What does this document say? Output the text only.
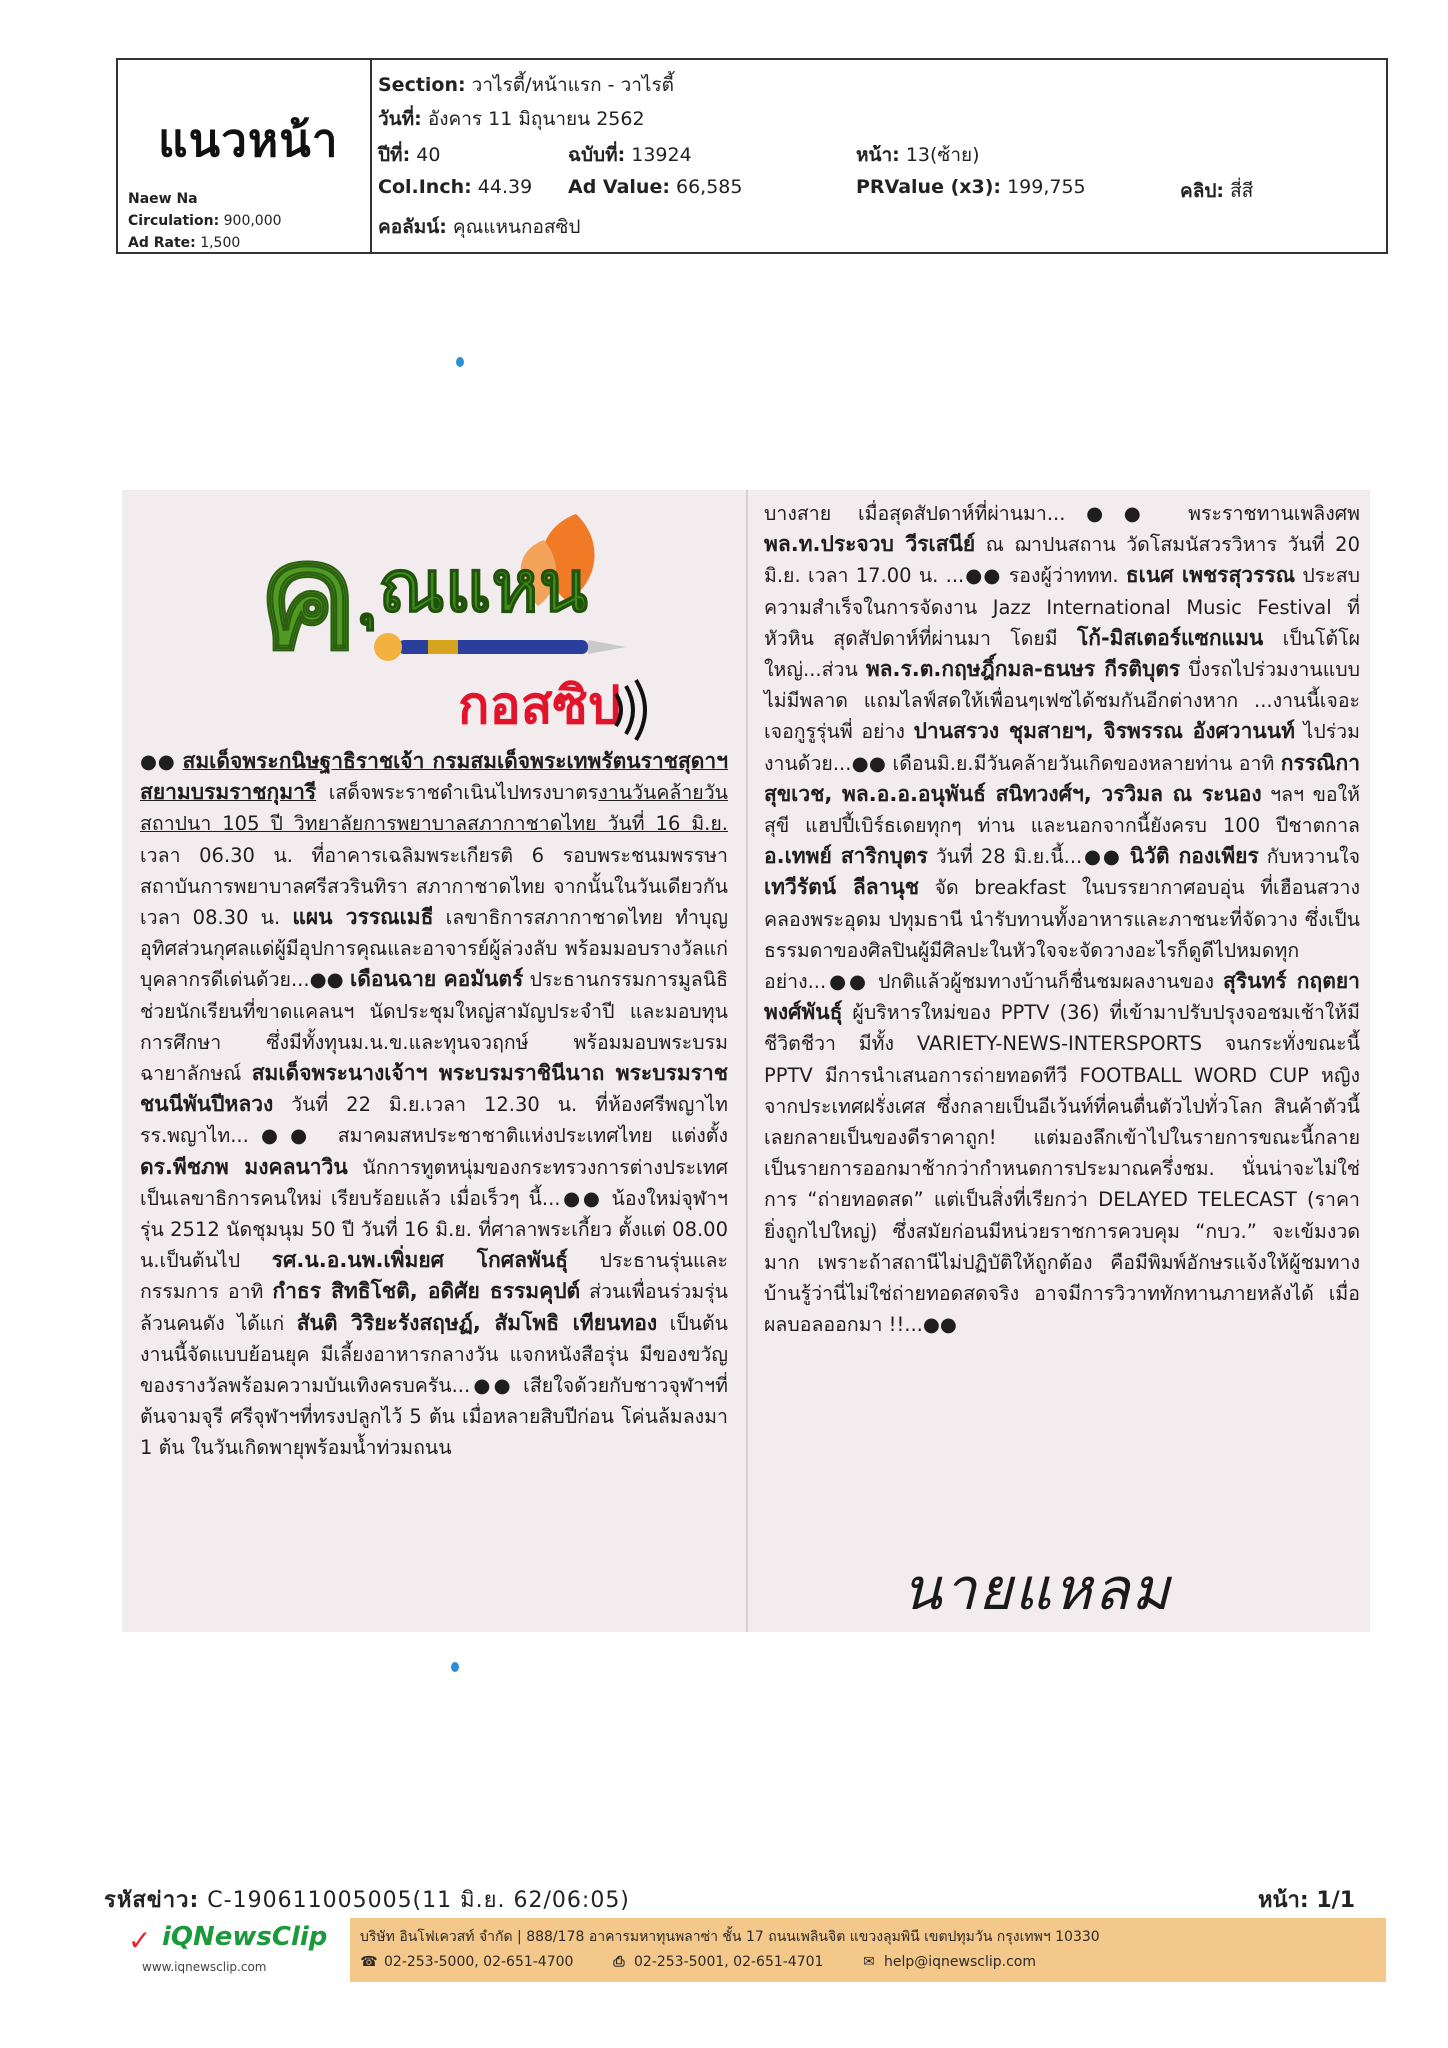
แนวหน้า
Naew Na
Circulation: 900,000
Ad Rate: 1,500
Section: วาไรตี้/หน้าแรก - วาไรตี้
วันที่: อังคาร 11 มิถุนายน 2562
ปีที่: 40	ฉบับที่: 13924	หน้า: 13(ซ้าย)
Col.Inch: 44.39 Ad Value: 66,585	PRValue (x3): 199,755	คลิป: สี่สี
คอลัมน์: คุณแหนกอสซิป
ค ุณแหน
กอสซิป
●● สมเด็จพระกนิษฐาธิราชเจ้า กรมสมเด็จพระเทพรัตนราชสุดาฯ สยามบรมราชกุมารี เสด็จพระราชดำเนินไปทรงบาตรงานวันคล้ายวันสถาปนา 105 ปี วิทยาลัยการพยาบาลสภากาชาดไทย วันที่ 16 มิ.ย. เวลา 06.30 น. ที่อาคารเฉลิมพระเกียรติ 6 รอบพระชนมพรรษา สถาบันการพยาบาลศรีสวรินทิรา สภากาชาดไทย จากนั้นในวันเดียวกัน เวลา 08.30 น. แผน วรรณเมธี เลขาธิการสภากาชาดไทย ทำบุญอุทิศส่วนกุศลแด่ผู้มีอุปการคุณและอาจารย์ผู้ล่วงลับ พร้อมมอบรางวัลแก่บุคลากรดีเด่นด้วย...●● เดือนฉาย คอมันตร์ ประธานกรรมการมูลนิธิช่วยนักเรียนที่ขาดแคลนฯ นัดประชุมใหญ่สามัญประจำปี และมอบทุนการศึกษา ซึ่งมีทั้งทุนม.น.ข.และทุนจวฤกษ์ พร้อมมอบพระบรมฉายาลักษณ์ สมเด็จพระนางเจ้าฯ พระบรมราชินีนาถ พระบรมราชชนนีพันปีหลวง วันที่ 22 มิ.ย.เวลา 12.30 น. ที่ห้องศรีพญาไท รร.พญาไท...●● สมาคมสหประชาชาติแห่งประเทศไทย แต่งตั้ง ดร.พีชภพ มงคลนาวิน นักการทูตหนุ่มของกระทรวงการต่างประเทศ เป็นเลขาธิการคนใหม่ เรียบร้อยแล้ว เมื่อเร็วๆ นี้...●● น้องใหม่จุฬาฯรุ่น 2512 นัดชุมนุม 50 ปี วันที่ 16 มิ.ย. ที่ศาลาพระเกี้ยว ตั้งแต่ 08.00 น.เป็นต้นไป รศ.น.อ.นพ.เพิ่มยศ โกศลพันธุ์ ประธานรุ่นและกรรมการ อาทิ กำธร สิทธิโชติ, อดิศัย ธรรมคุปต์ ส่วนเพื่อนร่วมรุ่นล้วนคนดัง ได้แก่ สันติ วิริยะรังสฤษฏ์, สัมโพธิ เทียนทอง เป็นต้น งานนี้จัดแบบย้อนยุค มีเลี้ยงอาหารกลางวัน แจกหนังสือรุ่น มีของขวัญ ของรางวัลพร้อมความบันเทิงครบครัน...●● เสียใจด้วยกับชาวจุฬาฯที่ต้นจามจุรี ศรีจุฬาฯที่ทรงปลูกไว้ 5 ต้น เมื่อหลายสิบปีก่อน โค่นล้มลงมา 1 ต้น ในวันเกิดพายุพร้อมน้ำท่วมถนน
บางสาย เมื่อสุดสัปดาห์ที่ผ่านมา...●● พระราชทานเพลิงศพ พล.ท.ประจวบ วีรเสนีย์ ณ ฌาปนสถาน วัดโสมนัสวรวิหาร วันที่ 20 มิ.ย. เวลา 17.00 น. ...●● รองผู้ว่าททท. ธเนศ เพชรสุวรรณ ประสบความสำเร็จในการจัดงาน Jazz International Music Festival ที่หัวหิน สุดสัปดาห์ที่ผ่านมา โดยมี โก้-มิสเตอร์แซกแมน เป็นโต้โผใหญ่...ส่วน พล.ร.ต.กฤษฎิ์กมล-ธนษร กีรติบุตร บึ่งรถไปร่วมงานแบบไม่มีพลาด แถมไลฟ์สดให้เพื่อนๆเฟซได้ชมกันอีกต่างหาก ...งานนี้เจอะเจอกูรูรุ่นพี่ อย่าง ปานสรวง ชุมสายฯ, จิรพรรณ อังศวานนท์ ไปร่วมงานด้วย...●● เดือนมิ.ย.มีวันคล้ายวันเกิดของหลายท่าน อาทิ กรรณิกา สุขเวช, พล.อ.อ.อนุพันธ์ สนิทวงศ์ฯ, วรวิมล ณ ระนอง ฯลฯ ขอให้สุขี แฮปปี้เบิร์ธเดยทุกๆ ท่าน และนอกจากนี้ยังครบ 100 ปีชาตกาล อ.เทพย์ สาริกบุตร วันที่ 28 มิ.ย.นี้...●● นิวัติ กองเพียร กับหวานใจ เทวีรัตน์ ลีลานุช จัด breakfast ในบรรยากาศอบอุ่น ที่เฮือนสวาง คลองพระอุดม ปทุมธานี นำรับทานทั้งอาหารและภาชนะที่จัดวาง ซึ่งเป็นธรรมดาของศิลปินผู้มีศิลปะในหัวใจจะจัดวางอะไรก็ดูดีไปหมดทุกอย่าง...●● ปกติแล้วผู้ชมทางบ้านก็ชื่นชมผลงานของ สุรินทร์ กฤตยาพงศ์พันธุ์ ผู้บริหารใหม่ของ PPTV (36) ที่เข้ามาปรับปรุงจอชมเช้าให้มีชีวิตชีวา มีทั้ง VARIETY-NEWS-INTERSPORTS จนกระทั่งขณะนี้ PPTV มีการนำเสนอการถ่ายทอดทีวี FOOTBALL WORD CUP หญิง จากประเทศฝรั่งเศส ซึ่งกลายเป็นอีเว้นท์ที่คนตื่นตัวไปทั่วโลก สินค้าตัวนี้เลยกลายเป็นของดีราคาถูก! แต่มองลึกเข้าไปในรายการขณะนี้กลายเป็นรายการออกมาช้ากว่ากำหนดการประมาณครึ่งชม. นั่นน่าจะไม่ใช่การ “ถ่ายทอดสด” แต่เป็นสิ่งที่เรียกว่า DELAYED TELECAST (ราคายิ่งถูกไปใหญ่) ซึ่งสมัยก่อนมีหน่วยราชการควบคุม “กบว.” จะเข้มงวดมาก เพราะถ้าสถานีไม่ปฏิบัติให้ถูกต้อง คือมีพิมพ์อักษรแจ้งให้ผู้ชมทางบ้านรู้ว่านี่ไม่ใช่ถ่ายทอดสดจริง อาจมีการวิวาททักทานภายหลังได้ เมื่อผลบอลออกมา !!...●●
นายแหลม
รหัสข่าว: C-190611005005(11 มิ.ย. 62/06:05)	หน้า: 1/1
✓ iQNewsClip
www.iqnewsclip.com
บริษัท อินโฟเควสท์ จำกัด | 888/178 อาคารมหาทุนพลาซ่า ชั้น 17 ถนนเพลินจิต แขวงลุมพินี เขตปทุมวัน กรุงเทพฯ 10330
☎ 02-253-5000, 02-651-4700	⎙ 02-253-5001, 02-651-4701	✉ help@iqnewsclip.com
